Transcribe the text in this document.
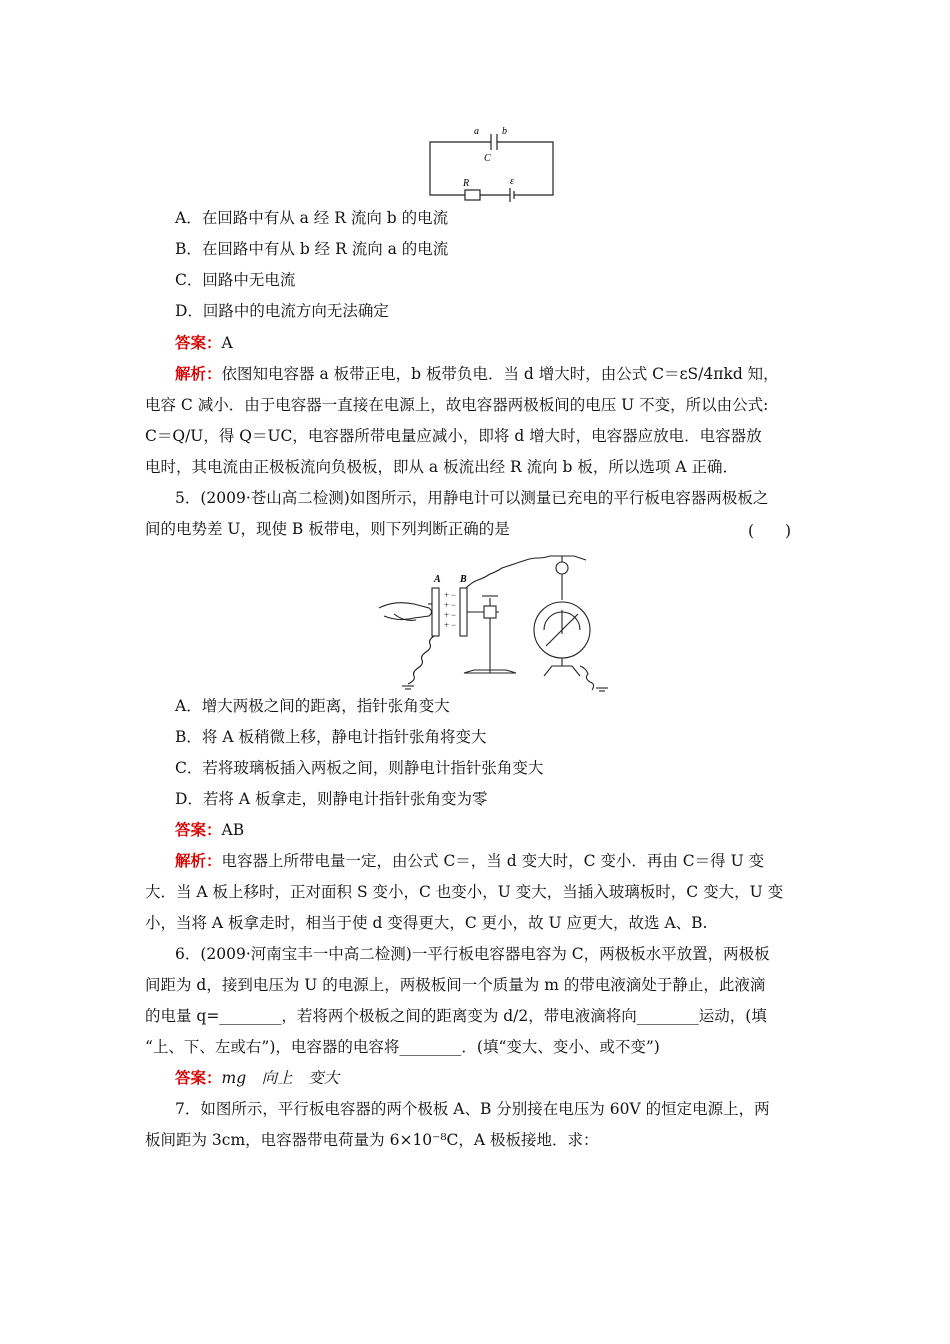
a b
C
R	ε
A．在回路中有从 a 经 R 流向 b 的电流
B．在回路中有从 b 经 R 流向 a 的电流
C．回路中无电流
D．回路中的电流方向无法确定
答案：A
解析：依图知电容器 a 板带正电，b 板带负电．当 d 增大时，由公式 C＝εS/4πkd 知，
电容 C 减小．由于电容器一直接在电源上，故电容器两极板间的电压 U 不变，所以由公式:
C＝Q/U，得 Q＝UC，电容器所带电量应减小，即将 d 增大时，电容器应放电．电容器放
电时，其电流由正极板流向负极板，即从 a 板流出经 R 流向 b 板，所以选项 A 正确．
5．(2009·苍山高二检测)如图所示，用静电计可以测量已充电的平行板电容器两极板之
间的电势差 U，现使 B 板带电，则下列判断正确的是	(　　)
+
+
+
+
−
−
−
−
A B
A．增大两极之间的距离，指针张角变大
B．将 A 板稍微上移，静电计指针张角将变大
C．若将玻璃板插入两板之间，则静电计指针张角变大
D．若将 A 板拿走，则静电计指针张角变为零
答案：AB
解析：电容器上所带电量一定，由公式 C＝，当 d 变大时，C 变小．再由 C＝得 U 变
大．当 A 板上移时，正对面积 S 变小，C 也变小，U 变大，当插入玻璃板时，C 变大，U 变
小，当将 A 板拿走时，相当于使 d 变得更大，C 更小，故 U 应更大，故选 A、B.
6．(2009·河南宝丰一中高二检测)一平行板电容器电容为 C，两极板水平放置，两极板
间距为 d，接到电压为 U 的电源上，两极板间一个质量为 m 的带电液滴处于静止，此液滴
的电量 q=________，若将两个极板之间的距离变为 d/2，带电液滴将向________运动，(填
“上、下、左或右”)，电容器的电容将________．(填“变大、变小、或不变”)
答案：mg　向上　变大
7．如图所示，平行板电容器的两个极板 A、B 分别接在电压为 60V 的恒定电源上，两
板间距为 3cm，电容器带电荷量为 6×10⁻⁸C，A 极板接地．求：
